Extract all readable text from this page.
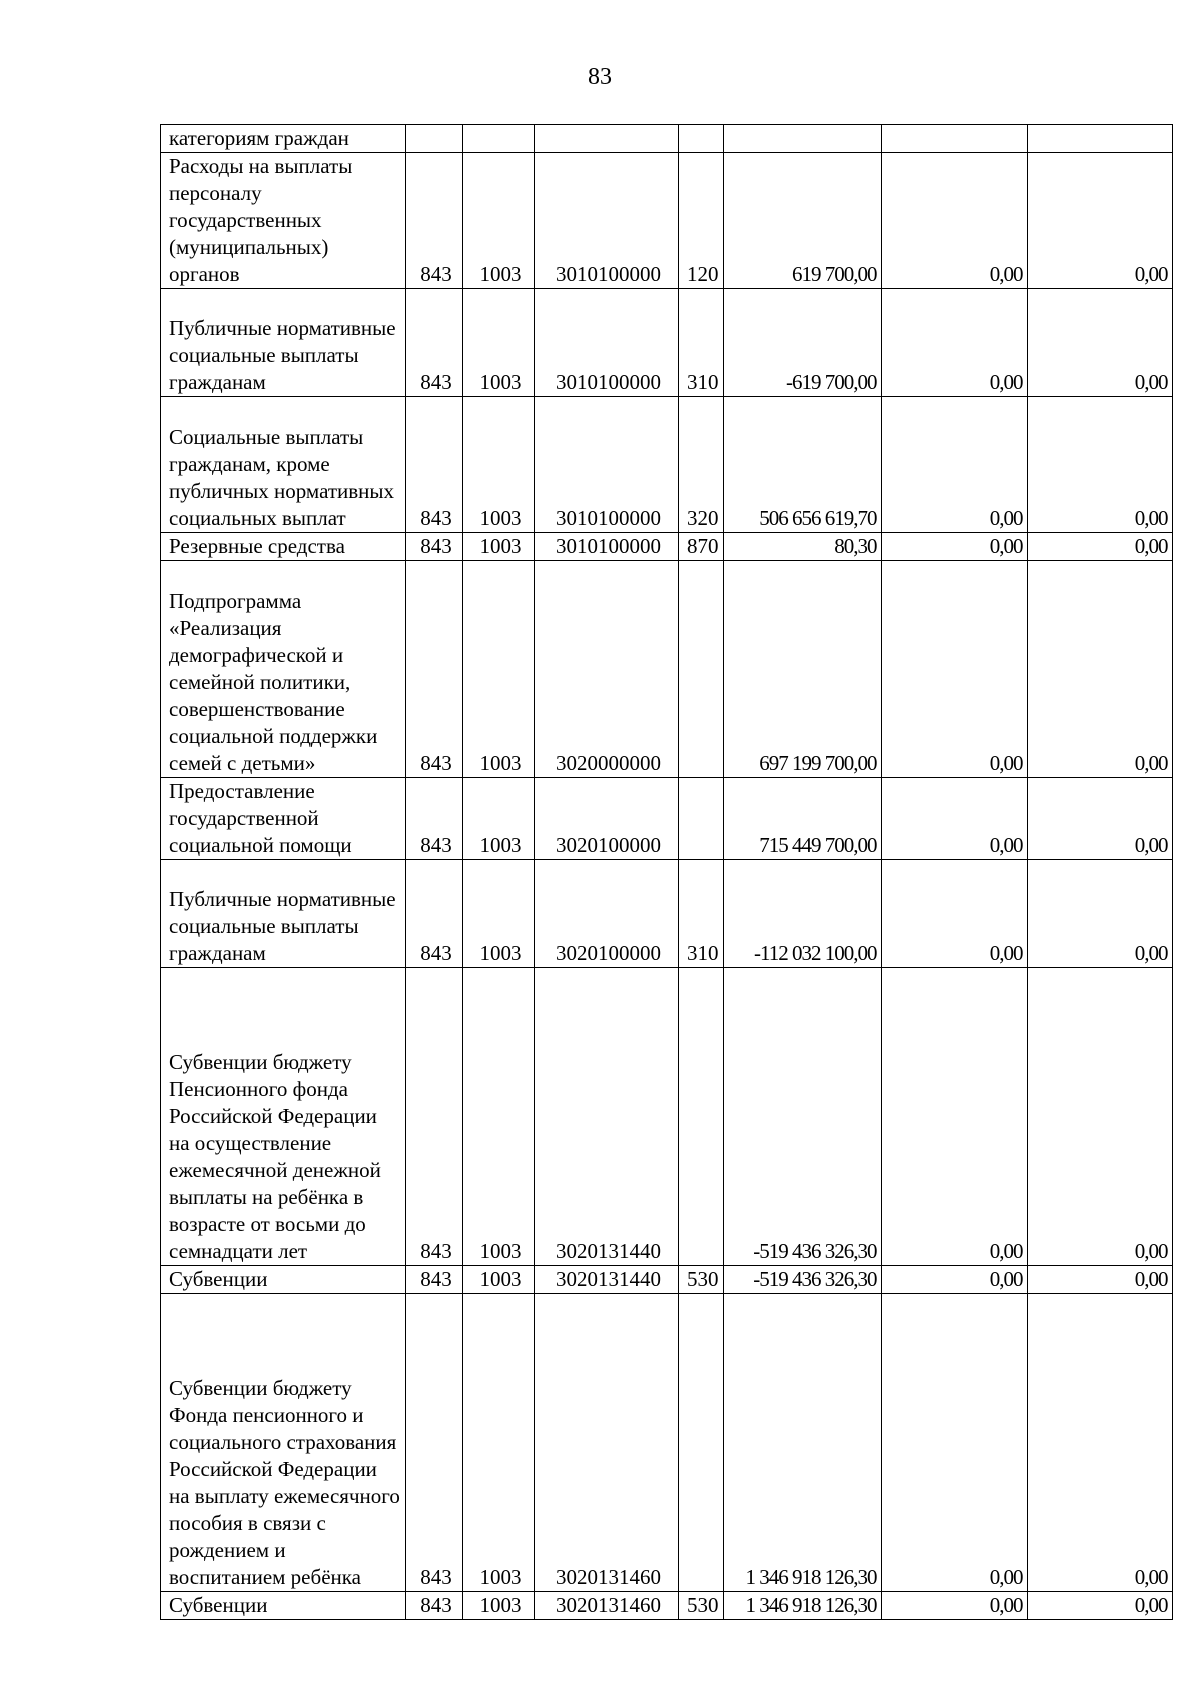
83
категориям граждан							
Расходы на выплаты персоналу государственных (муниципальных) органов	843	1003	3010100000	120	619 700,00	0,00	0,00
Публичные нормативные социальные выплаты гражданам	843	1003	3010100000	310	-619 700,00	0,00	0,00
Социальные выплаты гражданам, кроме публичных нормативных социальных выплат	843	1003	3010100000	320	506 656 619,70	0,00	0,00
Резервные средства	843	1003	3010100000	870	80,30	0,00	0,00
Подпрограмма «Реализация демографической и семейной политики, совершенствование социальной поддержки семей с детьми»	843	1003	3020000000		697 199 700,00	0,00	0,00
Предоставление государственной социальной помощи	843	1003	3020100000		715 449 700,00	0,00	0,00
Публичные нормативные социальные выплаты гражданам	843	1003	3020100000	310	-112 032 100,00	0,00	0,00
Субвенции бюджету Пенсионного фонда Российской Федерации на осуществление ежемесячной денежной выплаты на ребёнка в возрасте от восьми до семнадцати лет	843	1003	3020131440		-519 436 326,30	0,00	0,00
Субвенции	843	1003	3020131440	530	-519 436 326,30	0,00	0,00
Субвенции бюджету Фонда пенсионного и социального страхования Российской Федерации на выплату ежемесячного пособия в связи с рождением и воспитанием ребёнка	843	1003	3020131460		1 346 918 126,30	0,00	0,00
Субвенции	843	1003	3020131460	530	1 346 918 126,30	0,00	0,00
